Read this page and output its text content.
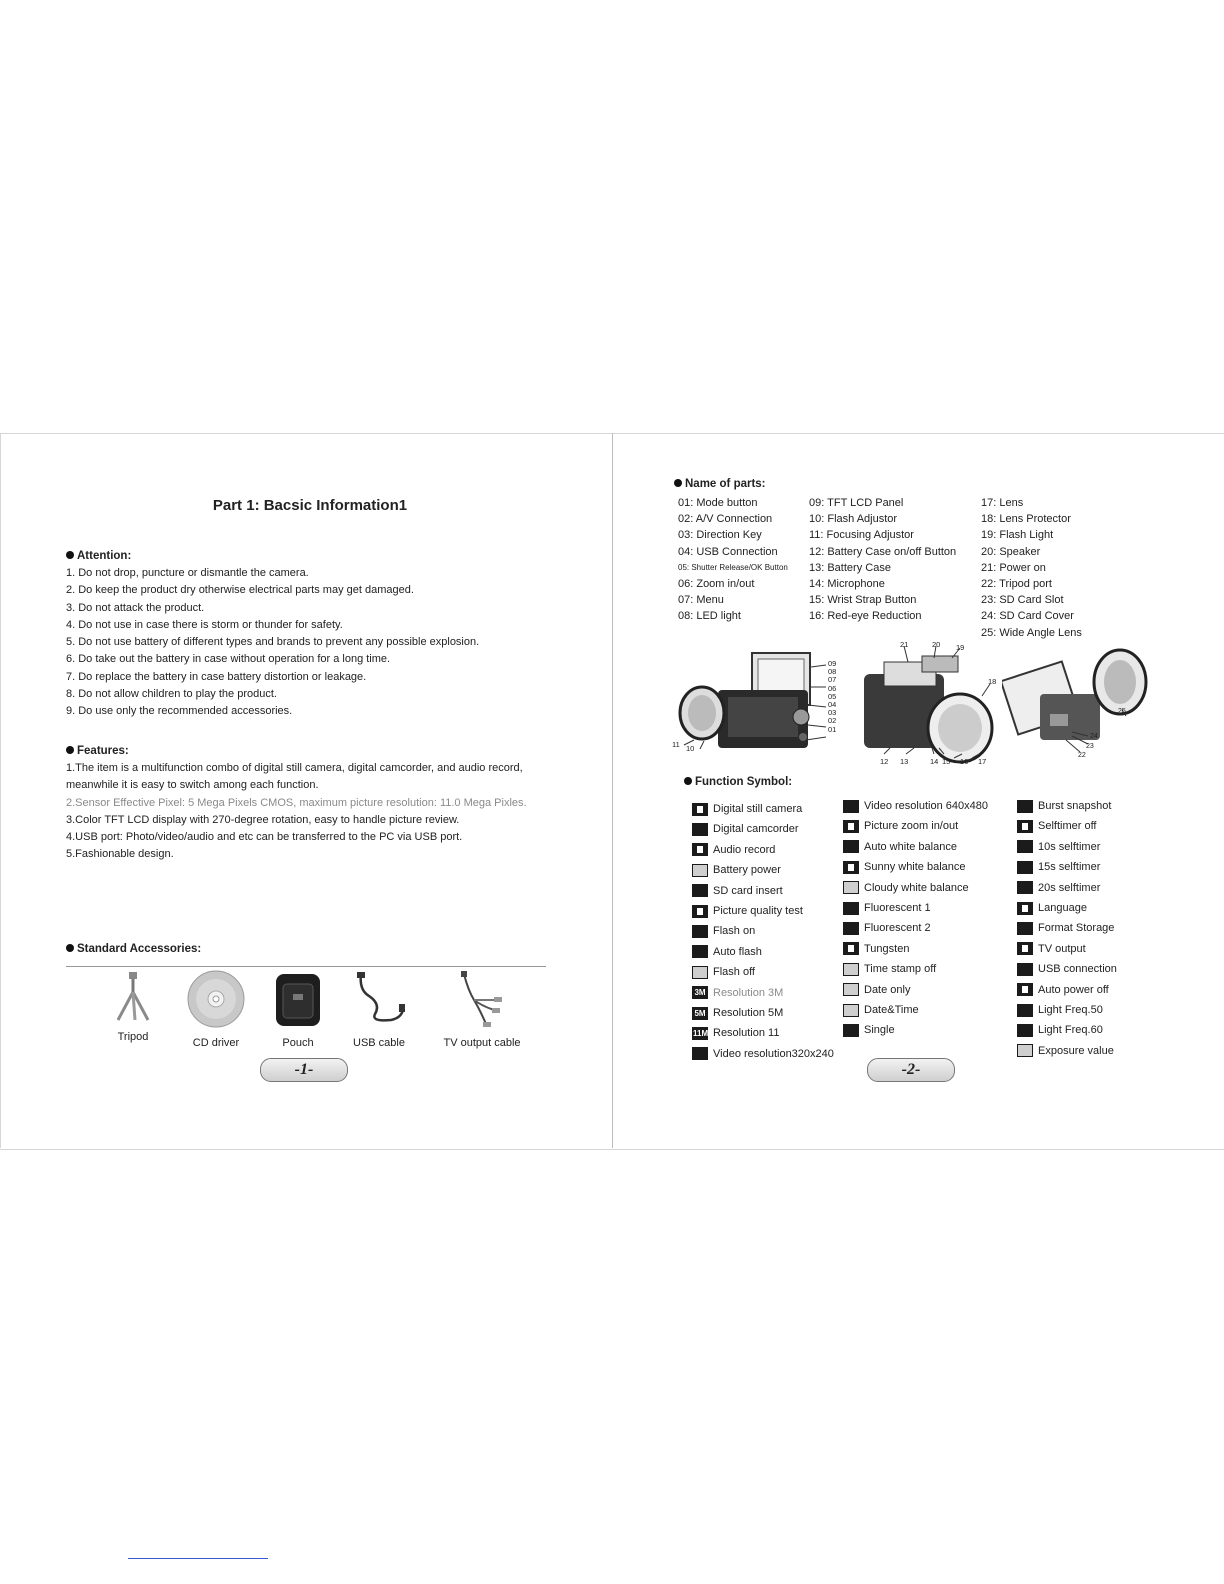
Part 1: Bacsic Information1
Attention:
1. Do not drop, puncture or dismantle the camera.
2. Do keep the product dry otherwise electrical parts may get damaged.
3. Do not attack the product.
4. Do not use in case there is storm or thunder for safety.
5. Do not use battery of different types and brands to prevent any possible explosion.
6. Do take out the battery in case without operation for a long time.
7. Do replace the battery in case battery distortion or leakage.
8. Do not allow children to play the product.
9. Do use only the recommended accessories.
Features:
1.The item is a multifunction combo of digital still camera, digital camcorder, and audio record,
meanwhile it is easy to switch among each function.
2.Sensor Effective Pixel: 5 Mega Pixels CMOS, maximum picture resolution: 11.0 Mega Pixles.
3.Color TFT LCD display with 270-degree rotation, easy to handle picture review.
4.USB port: Photo/video/audio and etc can be transferred to the PC via USB port.
5.Fashionable design.
Standard Accessories:
Tripod	CD driver	Pouch	USB cable	TV output cable
-1-
Name of parts:
01: Mode button
02: A/V Connection
03: Direction Key
04: USB Connection
05: Shutter Release/OK Button
06: Zoom in/out
07: Menu
08: LED light
09: TFT LCD Panel
10: Flash Adjustor
11: Focusing Adjustor
12: Battery Case on/off Button
13: Battery Case
14: Microphone
15: Wrist Strap Button
16: Red-eye Reduction
17: Lens
18: Lens Protector
19: Flash Light
20: Speaker
21: Power on
22: Tripod port
23: SD Card Slot
24: SD Card Cover
25: Wide Angle Lens
09
08
07
06
05
04
03
02
01
11 10
21	20 19
18
12 13	14 15 16 17
25
24
23
22
Function Symbol:
Digital still camera
Digital camcorder
Audio record
Battery power
SD card insert
Picture quality test
Flash on
Auto flash
Flash off
3M Resolution 3M
5M Resolution 5M
11M Resolution 11
Video resolution320x240
Video resolution 640x480
Picture zoom in/out
Auto white balance
Sunny white balance
Cloudy white balance
Fluorescent 1
Fluorescent 2
Tungsten
Time stamp off
Date only
Date&Time
Single
Burst snapshot
Selftimer off
10s selftimer
15s selftimer
20s selftimer
Language
Format Storage
TV output
USB connection
Auto power off
Light Freq.50
Light Freq.60
Exposure value
-2-
